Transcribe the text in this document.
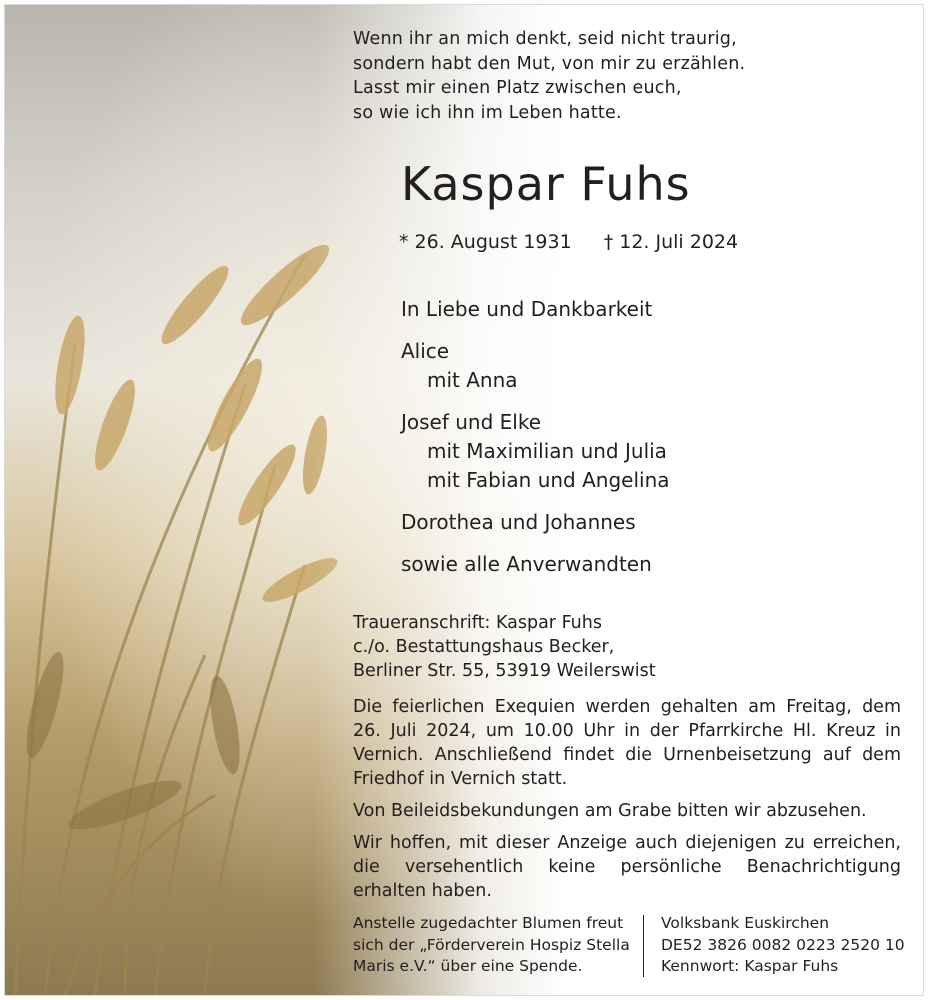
Wenn ihr an mich denkt, seid nicht traurig,
sondern habt den Mut, von mir zu erzählen.
Lasst mir einen Platz zwischen euch,
so wie ich ihn im Leben hatte.
Kaspar Fuhs
* 26. August 1931 † 12. Juli 2024
In Liebe und Dankbarkeit
Alice
mit Anna
Josef und Elke
mit Maximilian und Julia
mit Fabian und Angelina
Dorothea und Johannes
sowie alle Anverwandten
Traueranschrift: Kaspar Fuhs
c./o. Bestattungshaus Becker,
Berliner Str. 55, 53919 Weilerswist

Die feierlichen Exequien werden gehalten am Freitag, dem 26. Juli 2024, um 10.00 Uhr in der Pfarrkirche Hl. Kreuz in Vernich. Anschließend findet die Urnenbeisetzung auf dem Friedhof in Vernich statt.

Von Beileidsbekundungen am Grabe bitten wir abzusehen.

Wir hoffen, mit dieser Anzeige auch diejenigen zu erreichen, die versehentlich keine persönliche Benachrichtigung erhalten haben.

Anstelle zugedachter Blumen freut
sich der „Förderverein Hospiz Stella
Maris e.V.“ über eine Spende.
Volksbank Euskirchen
DE52 3826 0082 0223 2520 10
Kennwort: Kaspar Fuhs
